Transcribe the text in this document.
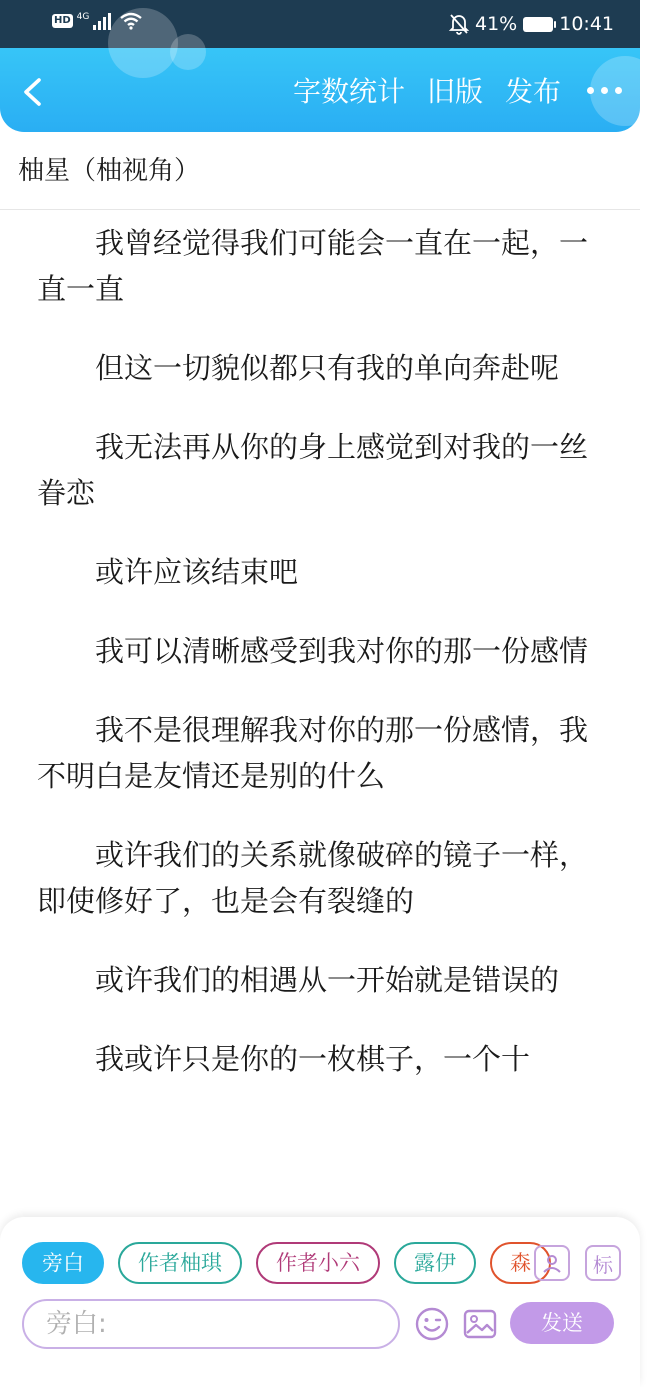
HD 4G	41% 10:41
字数统计 旧版 发布
柚星（柚视角）

我曾经觉得我们可能会一直在一起，一直一直

但这一切貌似都只有我的单向奔赴呢

我无法再从你的身上感觉到对我的一丝眷恋

或许应该结束吧

我可以清晰感受到我对你的那一份感情

我不是很理解我对你的那一份感情，我不明白是友情还是别的什么

或许我们的关系就像破碎的镜子一样，即使修好了，也是会有裂缝的

或许我们的相遇从一开始就是错误的

我或许只是你的一枚棋子，一个十

旁白	作者柚琪	作者小六	露伊	森	标
旁白:
发送
